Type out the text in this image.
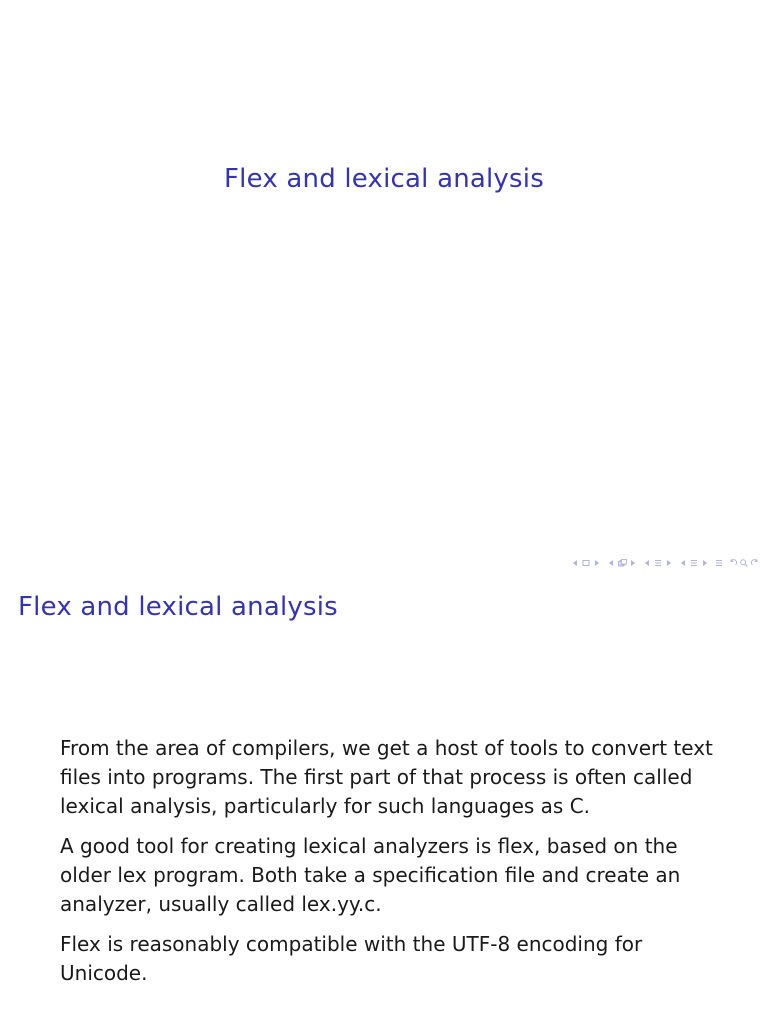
Flex and lexical analysis
Flex and lexical analysis

From the area of compilers, we get a host of tools to convert text files into programs. The first part of that process is often called lexical analysis, particularly for such languages as C.

A good tool for creating lexical analyzers is flex, based on the older lex program. Both take a specification file and create an analyzer, usually called lex.yy.c.

Flex is reasonably compatible with the UTF-8 encoding for Unicode.
